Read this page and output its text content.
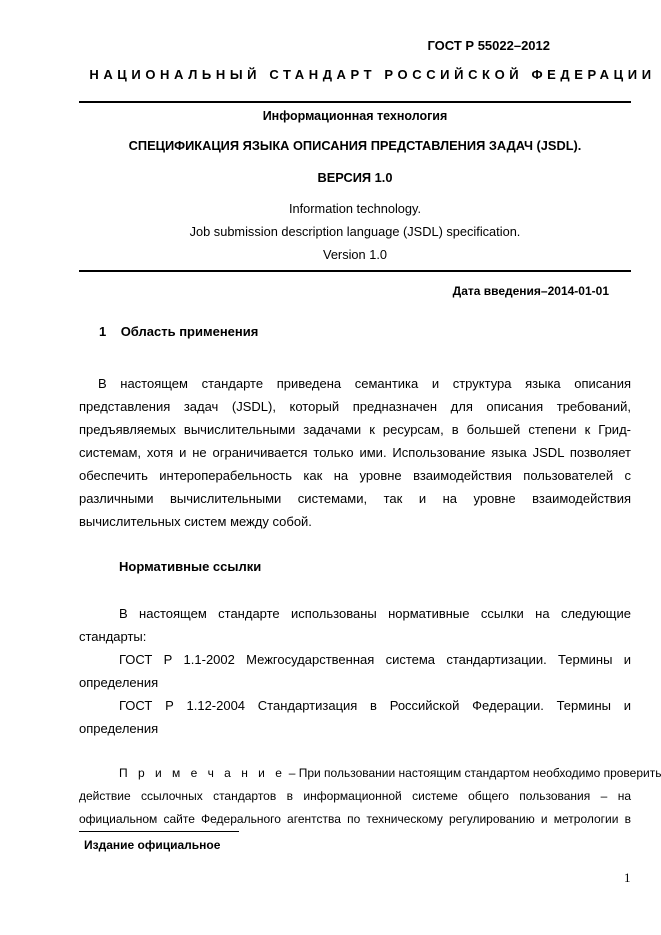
ГОСТ Р 55022–2012
НАЦИОНАЛЬНЫЙ СТАНДАРТ РОССИЙСКОЙ ФЕДЕРАЦИИ
Информационная технология
СПЕЦИФИКАЦИЯ ЯЗЫКА ОПИСАНИЯ ПРЕДСТАВЛЕНИЯ ЗАДАЧ (JSDL).
ВЕРСИЯ 1.0
Information technology.
Job submission description language (JSDL) specification.
Version 1.0
Дата введения–2014-01-01
1 Область применения
В настоящем стандарте приведена семантика и структура языка описания
представления задач (JSDL), который предназначен для описания требований,
предъявляемых вычислительными задачами к ресурсам, в большей степени к Грид-
системам, хотя и не ограничивается только ими. Использование языка JSDL позволяет
обеспечить интероперабельность как на уровне взаимодействия пользователей с
различными вычислительными системами, так и на уровне взаимодействия
вычислительных систем между собой.
Нормативные ссылки
В настоящем стандарте использованы нормативные ссылки на следующие
стандарты:
ГОСТ Р 1.1-2002 Межгосударственная система стандартизации. Термины и
определения
ГОСТ Р 1.12-2004 Стандартизация в Российской Федерации. Термины и
определения
П р и м е ч а н и е – При пользовании настоящим стандартом необходимо проверить
действие ссылочных стандартов в информационной системе общего пользования – на
официальном сайте Федерального агентства по техническому регулированию и метрологии в
Издание официальное
1
